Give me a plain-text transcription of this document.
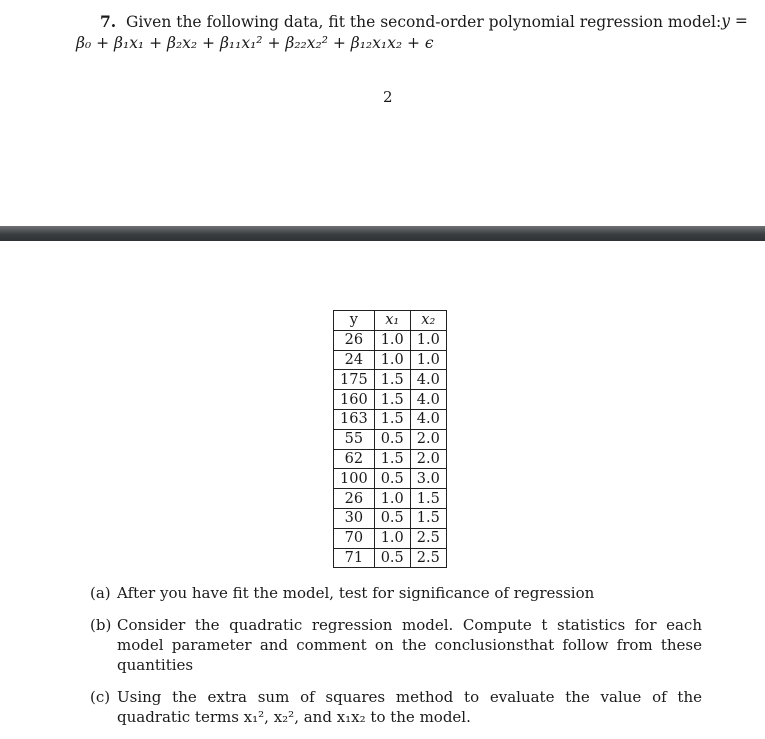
7. Given the following data, fit the second-order polynomial regression model: y =
β₀ + β₁x₁ + β₂x₂ + β₁₁x₁² + β₂₂x₂² + β₁₂x₁x₂ + ϵ
2
y	x₁	x₂
26	1.0	1.0
24	1.0	1.0
175	1.5	4.0
160	1.5	4.0
163	1.5	4.0
55	0.5	2.0
62	1.5	2.0
100	0.5	3.0
26	1.0	1.5
30	0.5	1.5
70	1.0	2.5
71	0.5	2.5
(a) After you have fit the model, test for significance of regression
(b) Consider the quadratic regression model. Compute t statistics for each model parameter and comment on the conclusionsthat follow from these quantities
(c) Using the extra sum of squares method to evaluate the value of the quadratic terms x₁², x₂², and x₁x₂ to the model.
